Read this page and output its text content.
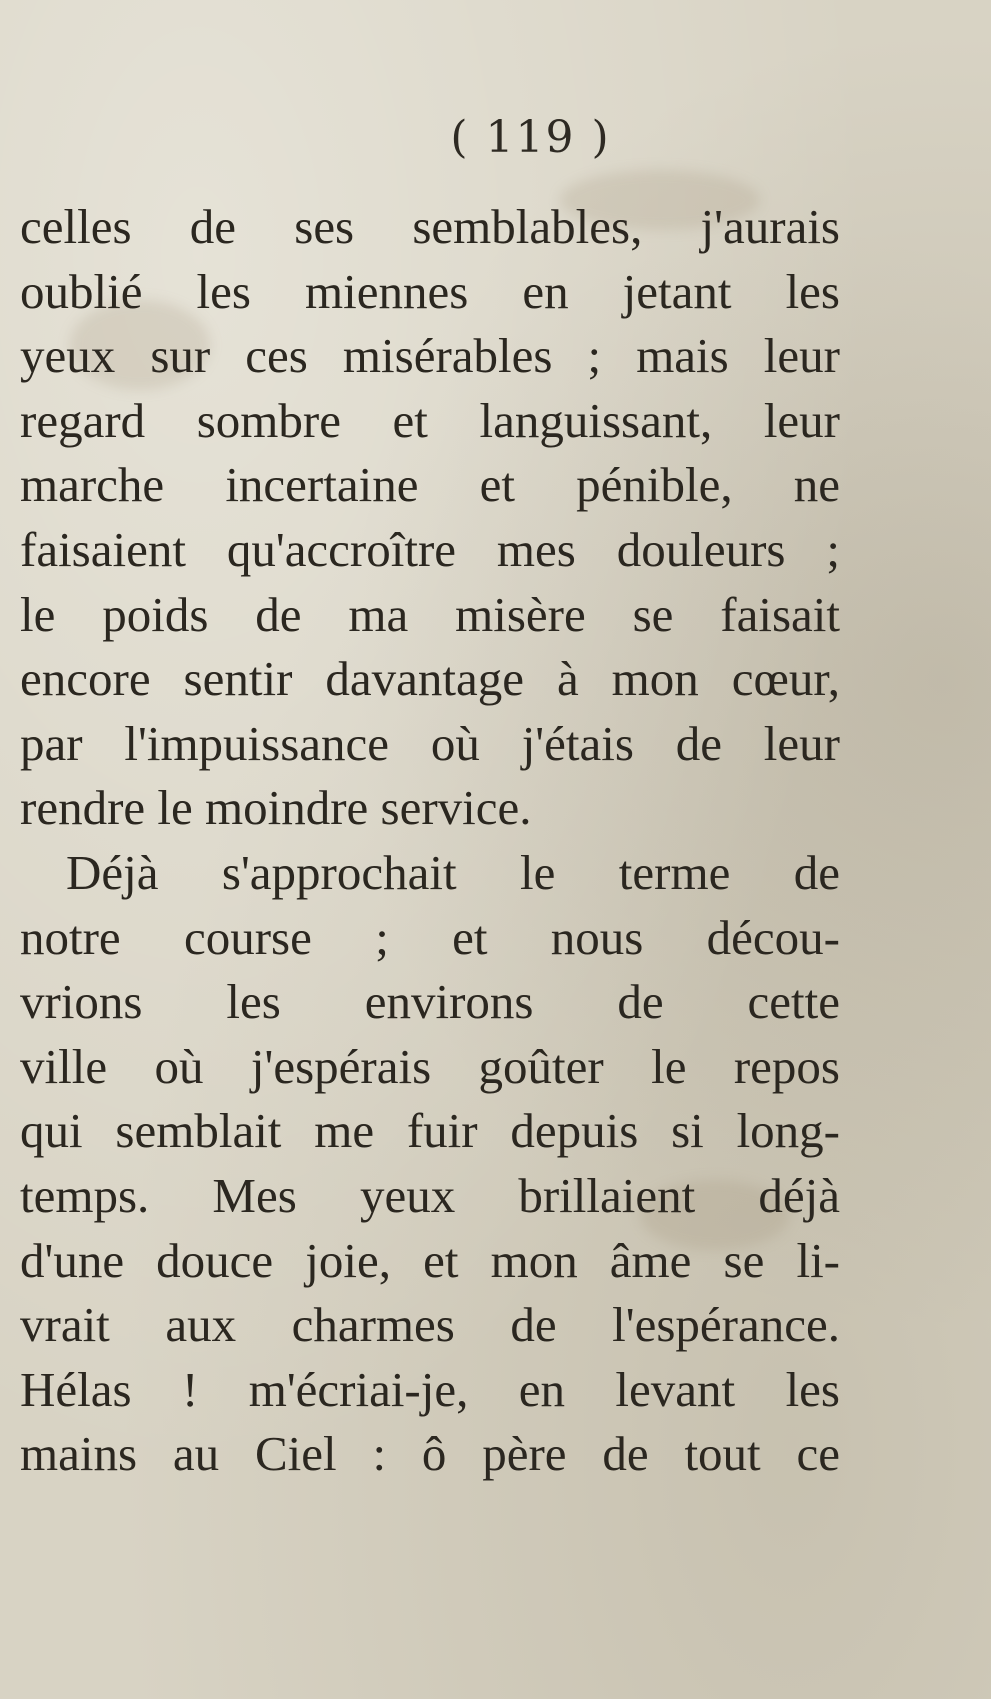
( 119 )
celles de ses semblables, j'aurais
oublié les miennes en jetant les
yeux sur ces misérables ; mais leur
regard sombre et languissant, leur
marche incertaine et pénible, ne
faisaient qu'accroître mes douleurs ;
le poids de ma misère se faisait
encore sentir davantage à mon cœur,
par l'impuissance où j'étais de leur
rendre le moindre service.
Déjà s'approchait le terme de
notre course ; et nous décou-
vrions les environs de cette
ville où j'espérais goûter le repos
qui semblait me fuir depuis si long-
temps. Mes yeux brillaient déjà
d'une douce joie, et mon âme se li-
vrait aux charmes de l'espérance.
Hélas ! m'écriai-je, en levant les
mains au Ciel : ô père de tout ce
